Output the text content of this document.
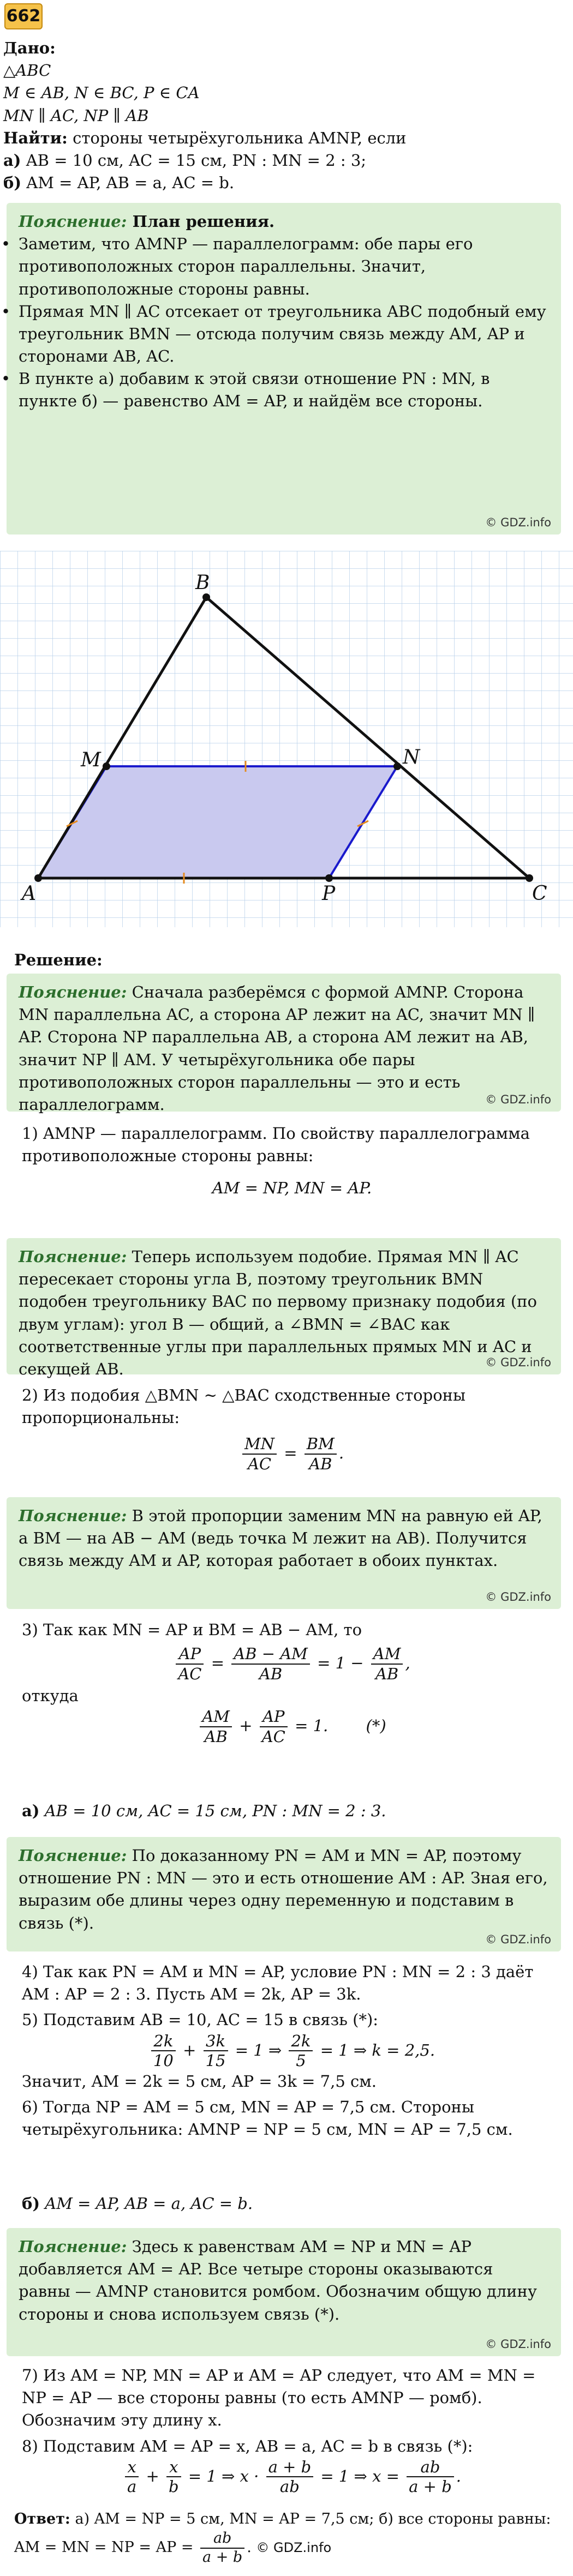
662

Дано:

△ABC

M ∈ AB, N ∈ BC, P ∈ CA

MN ∥ AC, NP ∥ AB

Найти: стороны четырёхугольника AMNP, если

а) AB = 10 см, AC = 15 см, PN : MN = 2 : 3;

б) AM = AP, AB = a, AC = b.

Пояснение: План решения.

• Заметим, что AMNP — параллелограмм: обе пары его противоположных сторон параллельны. Значит, противоположные стороны равны.

• Прямая MN ∥ AC отсекает от треугольника ABC подобный ему треугольник BMN — отсюда получим связь между AM, AP и сторонами AB, AC.

• В пункте а) добавим к этой связи отношение PN : MN, в пункте б) — равенство AM = AP, и найдём все стороны.

© GDZ.info
A
B
C
M	N
P

Решение:

Пояснение: Сначала разберёмся с формой AMNP. Сторона MN параллельна AC, а сторона AP лежит на AC, значит MN ∥ AP. Сторона NP параллельна AB, а сторона AM лежит на AB, значит NP ∥ AM. У четырёхугольника обе пары противоположных сторон параллельны — это и есть параллелограмм.	© GDZ.info

1) AMNP — параллелограмм. По свойству параллелограмма противоположные стороны равны:

AM = NP, MN = AP.

Пояснение: Теперь используем подобие. Прямая MN ∥ AC пересекает стороны угла B, поэтому треугольник BMN подобен треугольнику BAC по первому признаку подобия (по двум углам): угол B — общий, а ∠BMN = ∠BAC как соответственные углы при параллельных прямых MN и AC и секущей AB.	© GDZ.info

2) Из подобия △BMN ∼ △BAC сходственные стороны пропорциональны:

$\frac{MN}{AC} = \frac{BM}{AB}$ .

Пояснение: В этой пропорции заменим MN на равную ей AP, а BM — на AB − AM (ведь точка M лежит на AB). Получится связь между AM и AP, которая работает в обоих пунктах.

© GDZ.info

3) Так как MN = AP и BM = AB − AM, то

$\frac{AP}{AC} = \frac{AB - AM}{AB} = 1 - \frac{AM}{AB}$ ,

откуда

$\frac{AM}{AB} + \frac{AP}{AC} = 1$. (*)

а) AB = 10 см, AC = 15 см, PN : MN = 2 : 3.

Пояснение: По доказанному PN = AM и MN = AP, поэтому отношение PN : MN — это и есть отношение AM : AP. Зная его, выразим обе длины через одну переменную и подставим в связь (*).

© GDZ.info

4) Так как PN = AM и MN = AP, условие PN : MN = 2 : 3 даёт AM : AP = 2 : 3. Пусть AM = 2k, AP = 3k.

5) Подставим AB = 10, AC = 15 в связь (*):

$\frac{2k}{10} + \frac{3k}{15} = 1$ ⇒ $\frac{2k}{5} = 1$ ⇒ k = 2,5.

Значит, AM = 2k = 5 см, AP = 3k = 7,5 см.

6) Тогда NP = AM = 5 см, MN = AP = 7,5 см. Стороны четырёхугольника: AMNP = NP = 5 см, MN = AP = 7,5 см.

б) AM = AP, AB = a, AC = b.

Пояснение: Здесь к равенствам AM = NP и MN = AP добавляется AM = AP. Все четыре стороны оказываются равны — AMNP становится ромбом. Обозначим общую длину стороны и снова используем связь (*).

© GDZ.info

7) Из AM = NP, MN = AP и AM = AP следует, что AM = MN = NP = AP — все стороны равны (то есть AMNP — ромб). Обозначим эту длину x.

8) Подставим AM = AP = x, AB = a, AC = b в связь (*):

$\frac{x}{a} + \frac{x}{b} = 1$ ⇒ $x \cdot \frac{a + b}{ab} = 1$ ⇒ $x = \frac{ab}{a + b}$ .

Ответ: а) AM = NP = 5 см, MN = AP = 7,5 см; б) все стороны равны: AM = MN = NP = AP = $\frac{ab}{a + b}$ . © GDZ.info
